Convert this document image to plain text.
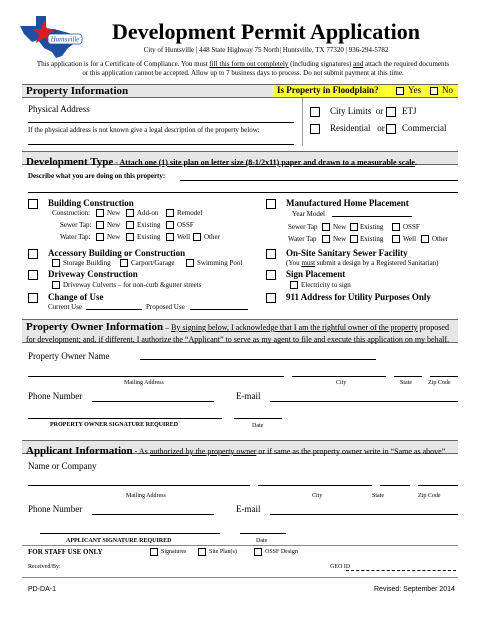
Huntsville	Development Permit Application
City of Huntsville | 448 State Highway 75 North| Huntsville, TX 77320 | 936-294-5782
This application is for a Certificate of Compliance. You must fill this form out completely (including signatures) and attach the required documents
or this application cannot be accepted. Allow up to 7 business days to process. Do not submit payment at this time.
Property Information	Is Property in Floodplain?	Yes No
Physical Address
If the physical address is not known give a legal description of the property below:
City Limits or ETJ
Residential or Commercial
Development Type - Attach one (1) site plan on letter size (8-1/2x11) paper and drawn to a measurable scale.
Describe what you are doing on this property:
Building Construction
Construction: New Add-on	Remodel
Sewer Tap: New Existing OSSF
Water Tap: New Existing Well Other
Accessory Building or Construction
Storage Building	Carport/Garage	Swimming Pool
Driveway Construction
Driveway Culverts – for non-curb &gutter streets
Change of Use
Current Use	Proposed Use
Manufactured Home Placement
Year Model
Sewer Tap New Existing	OSSF
Water Tap New Existing	Well Other
On-Site Sanitary Sewer Facility
(You must submit a design by a Registered Sanitarian)
Sign Placement
Electricity to sign
911 Address for Utility Purposes Only
Property Owner Information – By signing below, I acknowledge that I am the rightful owner of the property proposed for development; and, if different, I authorize the “Applicant” to serve as my agent to file and execute this application on my behalf.
Property Owner Name
Mailing Address	City	State	Zip Code
Phone Number	E-mail
PROPERTY OWNER SIGNATURE REQUIRED	Date
Applicant Information - As authorized by the property owner or if same as the property owner write in “Same as above”
Name or Company
Mailing Address	City	State	Zip Code
Phone Number	E-mail
APPLICANT SIGNATURE REQUIRED	Date
FOR STAFF USE ONLY	Signatures	Site Plan(s)	OSSF Design
Received/By:	GEO ID
PD-DA-1	Revised: September 2014
